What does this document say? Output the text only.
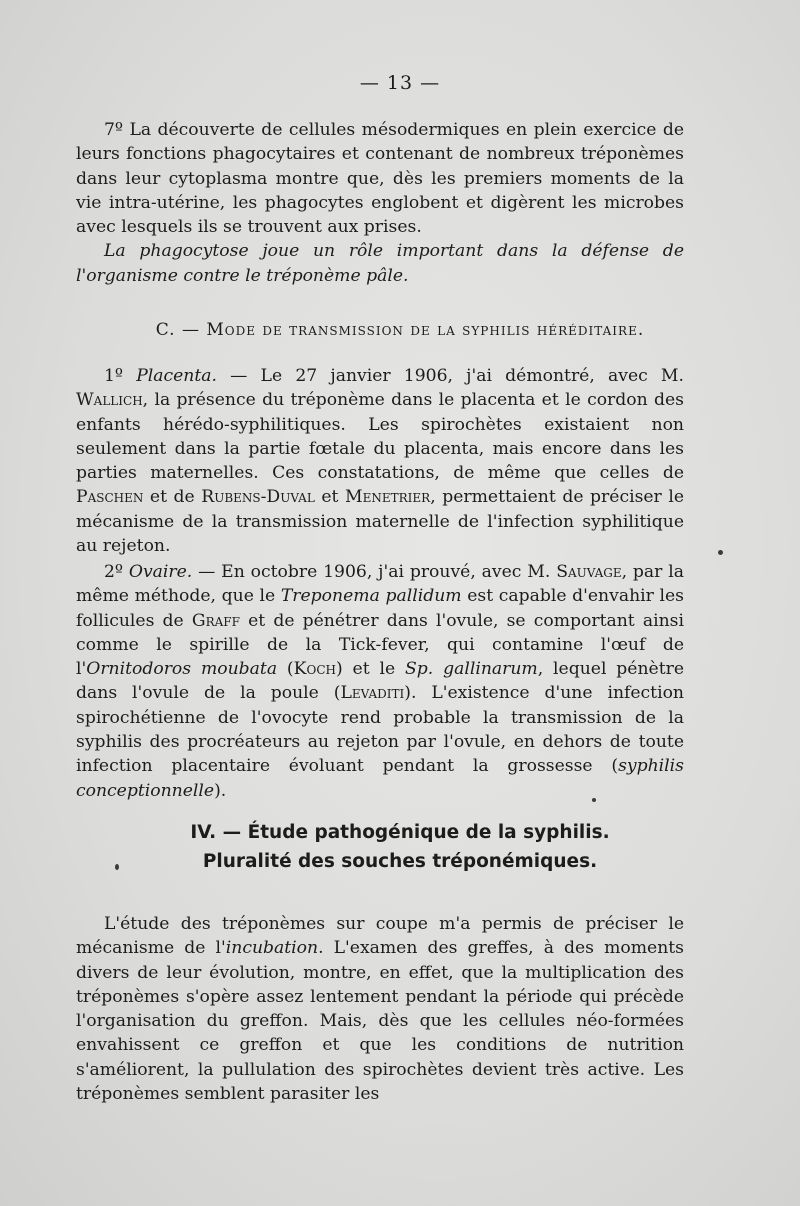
— 13 —

7º La découverte de cellules mésodermiques en plein exercice de leurs fonctions phagocytaires et contenant de nombreux tréponèmes dans leur cytoplasma montre que, dès les premiers moments de la vie intra-utérine, les phagocytes englobent et digèrent les microbes avec lesquels ils se trouvent aux prises.

La phagocytose joue un rôle important dans la défense de l'organisme contre le tréponème pâle.

C. — Mode de transmission de la syphilis héréditaire.

1º Placenta. — Le 27 janvier 1906, j'ai démontré, avec M. Wallich, la présence du tréponème dans le placenta et le cordon des enfants hérédo-syphilitiques. Les spirochètes existaient non seulement dans la partie fœtale du placenta, mais encore dans les parties maternelles. Ces constatations, de même que celles de Paschen et de Rubens-Duval et Menetrier, permettaient de préciser le mécanisme de la transmission maternelle de l'infection syphilitique au rejeton.

2º Ovaire. — En octobre 1906, j'ai prouvé, avec M. Sauvage, par la même méthode, que le Treponema pallidum est capable d'envahir les follicules de Graff et de pénétrer dans l'ovule, se comportant ainsi comme le spirille de la Tick-fever, qui contamine l'œuf de l'Ornitodoros moubata (Koch) et le Sp. gallinarum, lequel pénètre dans l'ovule de la poule (Levaditi). L'existence d'une infection spirochétienne de l'ovocyte rend probable la transmission de la syphilis des procréateurs au rejeton par l'ovule, en dehors de toute infection placentaire évoluant pendant la grossesse (syphilis conceptionnelle).

IV. — Étude pathogénique de la syphilis.
Pluralité des souches tréponémiques.

L'étude des tréponèmes sur coupe m'a permis de préciser le mécanisme de l'incubation. L'examen des greffes, à des moments divers de leur évolution, montre, en effet, que la multiplication des tréponèmes s'opère assez lentement pendant la période qui précède l'organisation du greffon. Mais, dès que les cellules néo-formées envahissent ce greffon et que les conditions de nutrition s'améliorent, la pullulation des spirochètes devient très active. Les tréponèmes semblent parasiter les
